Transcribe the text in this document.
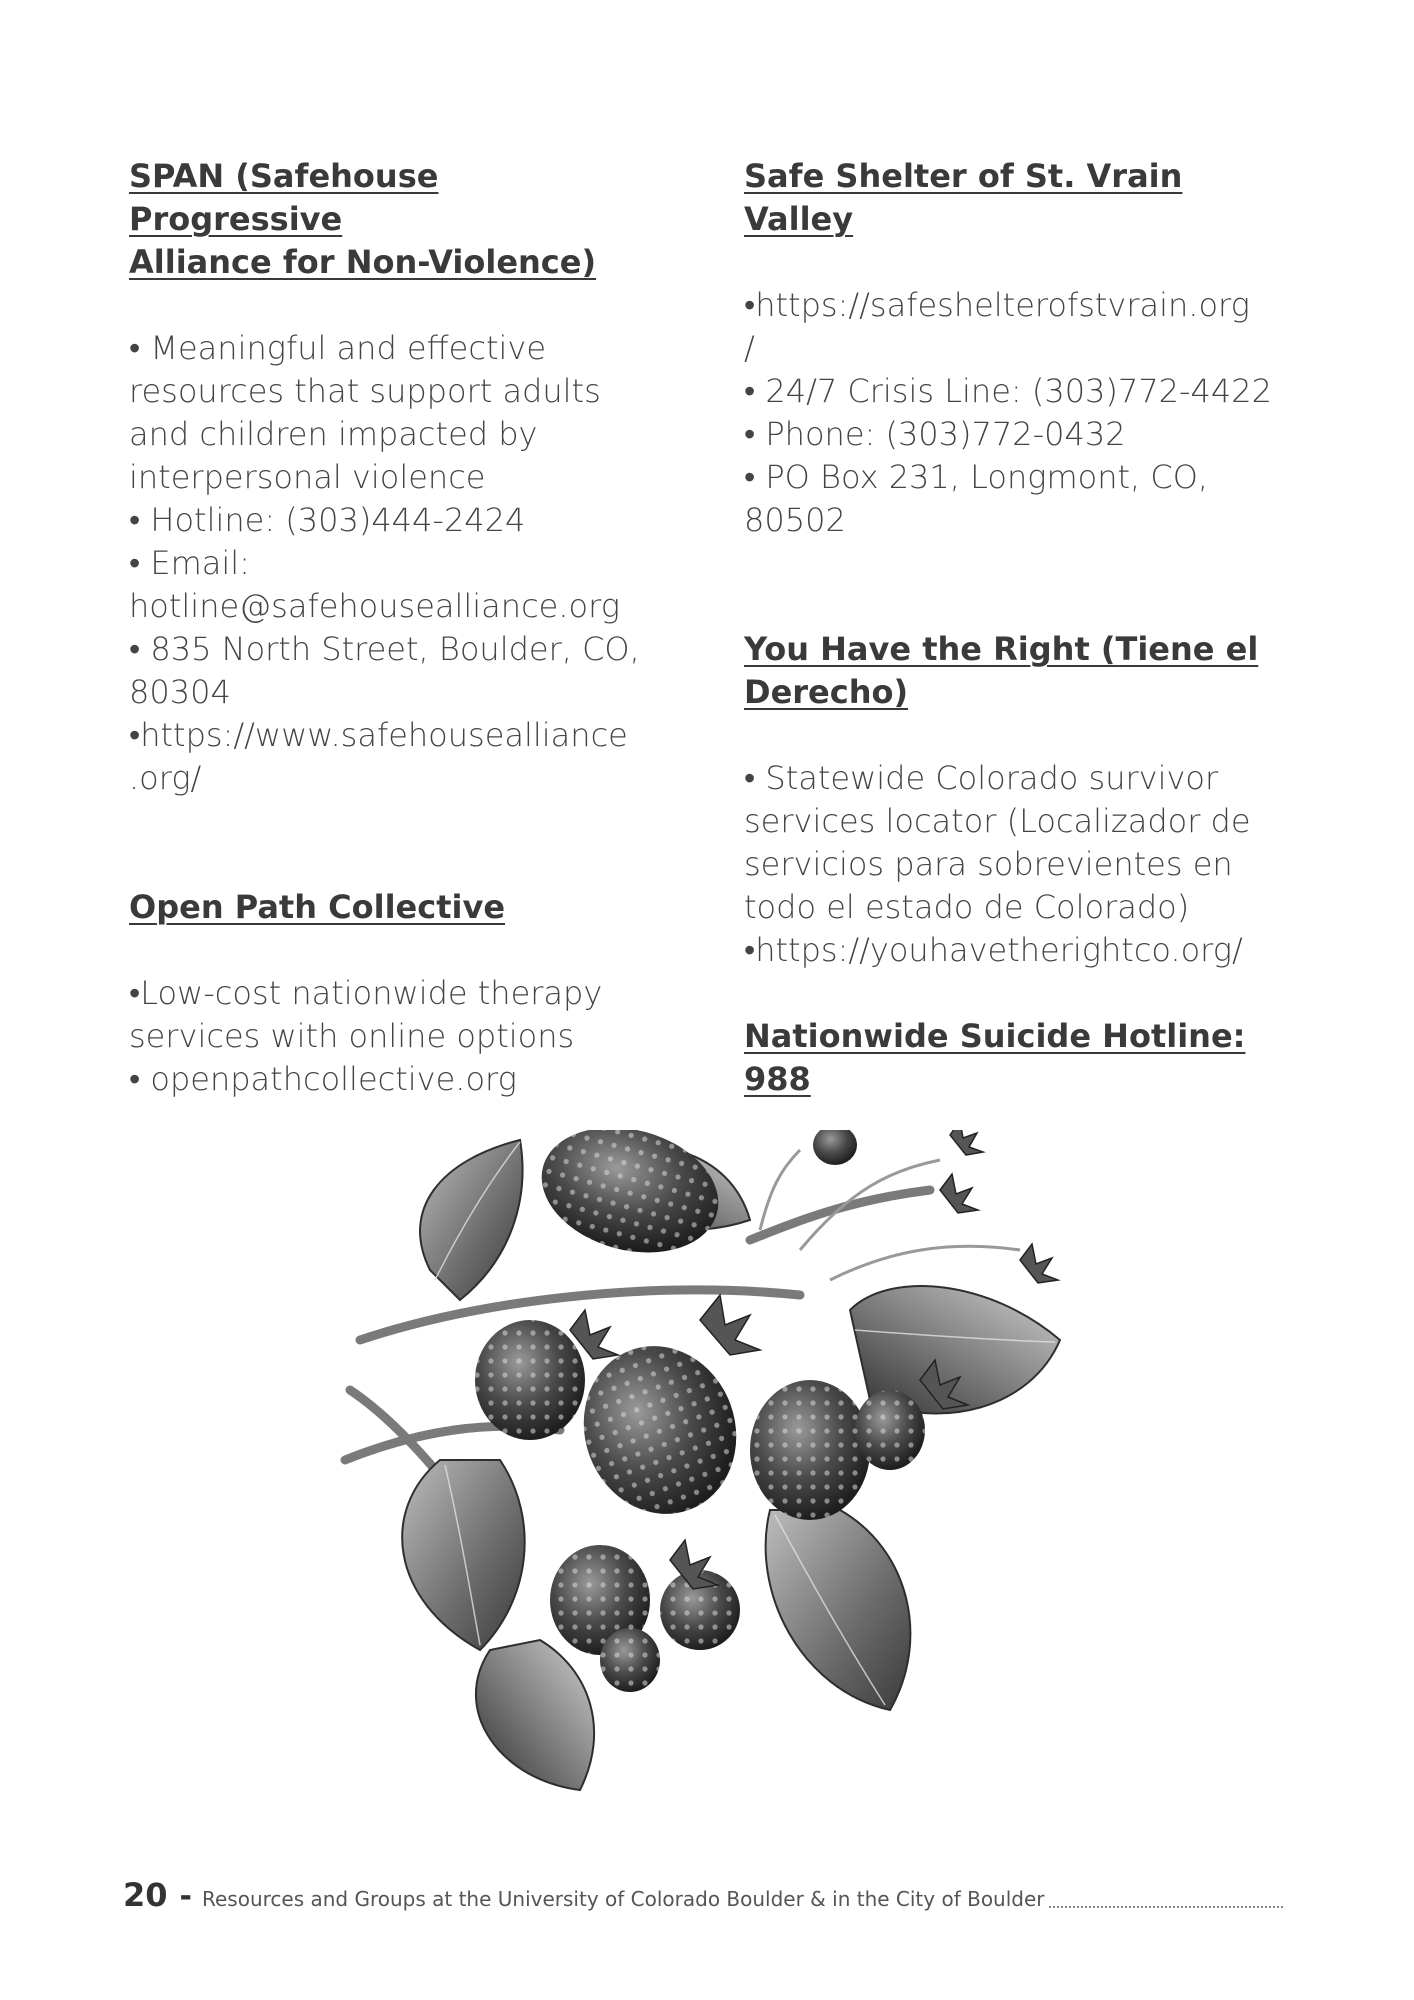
SPAN (Safehouse Progressive

Alliance for Non-Violence)

• Meaningful and effective

resources that support adults

and children impacted by

interpersonal violence

• Hotline: (303)444-2424

• Email:

hotline@safehousealliance.org

• 835 North Street, Boulder, CO,

80304

•https://www.safehousealliance

.org/

Open Path Collective

•Low-cost nationwide therapy

services with online options

• openpathcollective.org

Safe Shelter of St. Vrain Valley

•https://safeshelterofstvrain.org

/

• 24/7 Crisis Line: (303)772-4422

• Phone: (303)772-0432

• PO Box 231, Longmont, CO,

80502

You Have the Right (Tiene el

Derecho)

• Statewide Colorado survivor

services locator (Localizador de

servicios para sobrevientes en

todo el estado de Colorado)

•https://youhavetherightco.org/

Nationwide Suicide Hotline:

988

20 - Resources and Groups at the University of Colorado Boulder & in the City of Boulder
